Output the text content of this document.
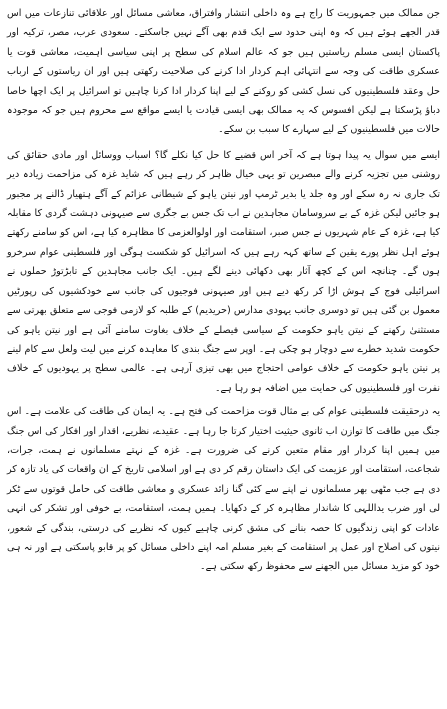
جن ممالک میں جمہوریت کا راج ہے وہ داخلی انتشار وافتراق، معاشی مسائل اور علاقائی تنازعات میں اس قدر الجھے ہوئے ہیں کہ وہ اپنی حدود سے ایک قدم بھی آگے نہیں جاسکتے۔ سعودی عرب، مصر، ترکیہ اور پاکستان ایسی مسلم ریاستیں ہیں جو کہ عالم اسلام کی سطح پر اپنی سیاسی اہمیت، معاشی قوت یا عسکری طاقت کی وجہ سے انتہائی اہم کردار ادا کرنے کی صلاحیت رکھتی ہیں اور ان ریاستوں کے ارباب حل وعقد فلسطینیوں کی نسل کشی کو روکنے کے لیے اپنا کردار ادا کرنا چاہیں تو اسرائیل پر ایک اچھا خاصا دباؤ پڑسکتا ہے لیکن افسوس کہ یہ ممالک بھی ایسی قیادت یا ایسے مواقع سے محروم ہیں جو کہ موجودہ حالات میں فلسطینیوں کے لیے سہارے کا سبب بن سکے۔

ایسے میں سوال یہ پیدا ہوتا ہے کہ آخر اس قضیے کا حل کیا نکلے گا؟ اسباب ووسائل اور مادی حقائق کی روشنی میں تجزیہ کرنے والے مبصرین تو یہی خیال ظاہر کر رہے ہیں کہ شاید غزہ کی مزاحمت زیادہ دیر تک جاری نہ رہ سکے اور وہ جلد یا بدیر ٹرمپ اور نیتن یاہو کے شیطانی عزائم کے آگے ہتھیار ڈالنے پر مجبور ہو جائیں لیکن غزہ کے بے سروسامان مجاہدین نے اب تک جس بے جگری سے صیہونی دہشت گردی کا مقابلہ کیا ہے، غزہ کے عام شہریوں نے جس صبر، استقامت اور اولوالعزمی کا مظاہرہ کیا ہے، اس کو سامنے رکھتے ہوئے اہل نظر پورے یقین کے ساتھ کہہ رہے ہیں کہ اسرائیل کو شکست ہوگی اور فلسطینی عوام سرخرو ہوں گے۔ چنانچہ اس کے کچھ آثار بھی دکھائی دینے لگے ہیں۔ ایک جانب مجاہدین کے تابڑتوڑ حملوں نے اسرائیلی فوج کے ہوش اڑا کر رکھ دیے ہیں اور صیہونی فوجیوں کی جانب سے خودکشیوں کی رپورٹیں معمول بن گئی ہیں تو دوسری جانب یہودی مدارس (حریدیم) کے طلبہ کو لازمی فوجی سے متعلق بھرتی سے مستثنیٰ رکھنے کے نیتن یاہو حکومت کے سیاسی فیصلے کے خلاف بغاوت سامنے آئی ہے اور نیتن یاہو کی حکومت شدید خطرے سے دوچار ہو چکی ہے۔ اوپر سے جنگ بندی کا معاہدہ کرنے میں لیت ولعل سے کام لینے پر نیتن یاہو حکومت کے خلاف عوامی احتجاج میں بھی تیزی آرہی ہے۔ عالمی سطح پر یہودیوں کے خلاف نفرت اور فلسطینیوں کی حمایت میں اضافہ ہو رہا ہے۔

یہ درحقیقت فلسطینی عوام کی بے مثال قوت مزاحمت کی فتح ہے۔ یہ ایمان کی طاقت کی علامت ہے۔ اس جنگ میں طاقت کا توازن اب ثانوی حیثیت اختیار کرتا جا رہا ہے۔ عقیدے، نظریے، اقدار اور افکار کی اس جنگ میں ہمیں اپنا کردار اور مقام متعین کرنے کی ضرورت ہے۔ غزہ کے نہتے مسلمانوں نے ہمت، جرات، شجاعت، استقامت اور عزیمت کی ایک داستان رقم کر دی ہے اور اسلامی تاریخ کے ان واقعات کی یاد تازہ کر دی ہے جب مٹھی بھر مسلمانوں نے اپنے سے کئی گنا زائد عسکری و معاشی طاقت کی حامل قوتوں سے ٹکر لی اور ضرب یداللہی کا شاندار مظاہرہ کر کے دکھایا۔ ہمیں ہمت، استقامت، بے خوفی اور تشکر کی انہی عادات کو اپنی زندگیوں کا حصہ بنانے کی مشق کرنی چاہیے کیوں کہ نظریے کی درستی، بندگی کے شعور، نیتوں کی اصلاح اور عمل پر استقامت کے بغیر مسلم امہ اپنے داخلی مسائل کو پر قابو پاسکتی ہے اور نہ ہی خود کو مزید مسائل میں الجھنے سے محفوظ رکھ سکتی ہے۔
